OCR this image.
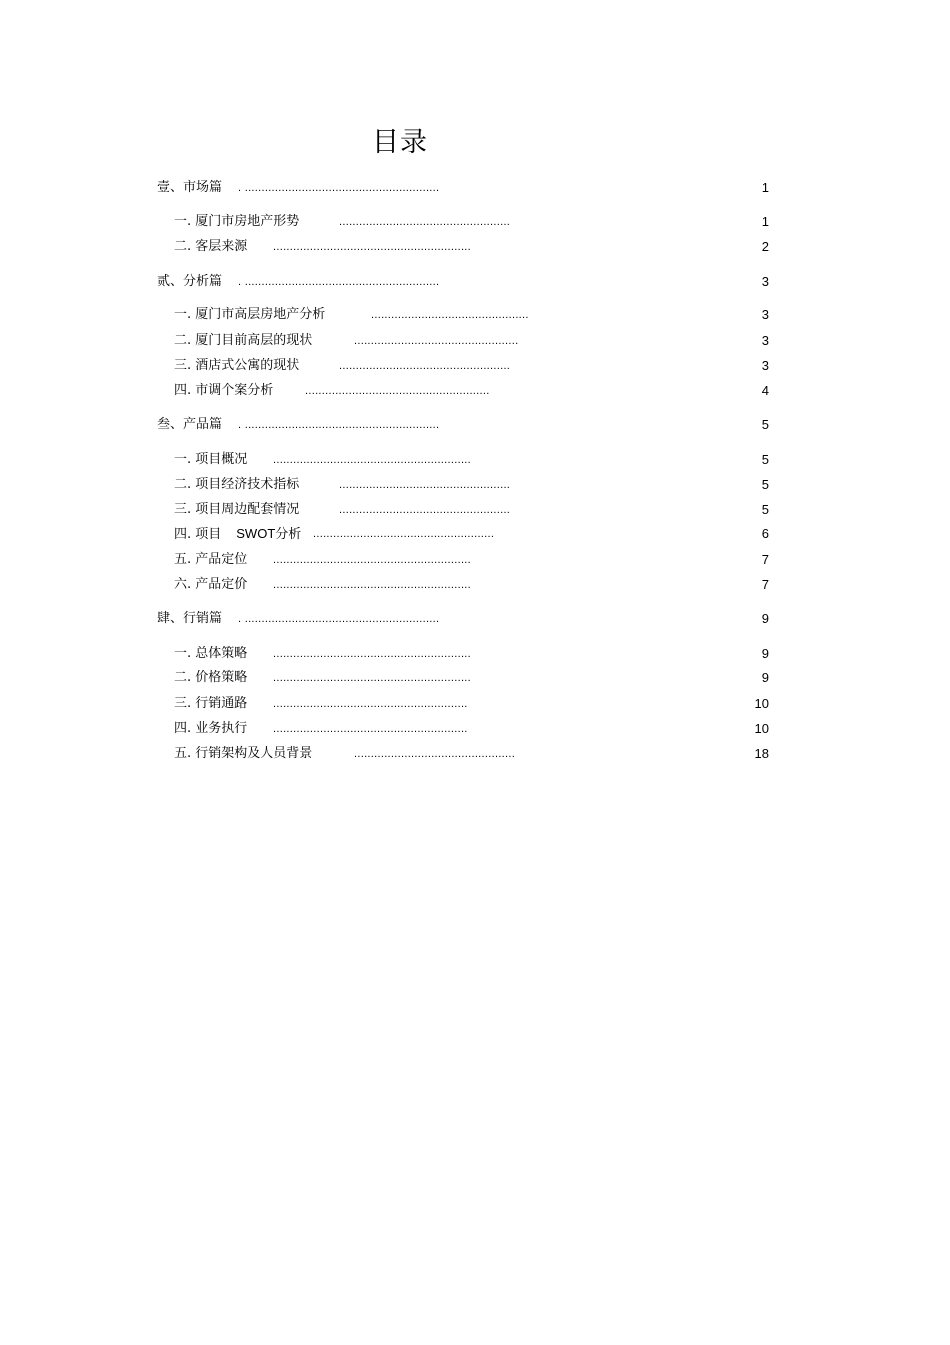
目录
壹、市场篇 . ..........................................................	1
一. 厦门市房地产形势	...................................................	1
二. 客层来源 ...........................................................	2
贰、分析篇 . ..........................................................	3
一. 厦门市高层房地产分析	...............................................	3
二. 厦门目前高层的现状	.................................................	3
三. 酒店式公寓的现状	...................................................	3
四. 市调个案分析	.......................................................	4
叁、产品篇 . ..........................................................	5
一. 项目概况 ...........................................................	5
二. 项目经济技术指标	...................................................	5
三. 项目周边配套情况	...................................................	5
四. 项目 SWOT分析 ......................................................	6
五. 产品定位 ...........................................................	7
六. 产品定价 ...........................................................	7
肆、行销篇 . ..........................................................	9
一. 总体策略 ...........................................................	9
二. 价格策略 ...........................................................	9
三. 行销通路 ..........................................................	10
四. 业务执行 ..........................................................	10
五. 行销架构及人员背景	................................................	18
